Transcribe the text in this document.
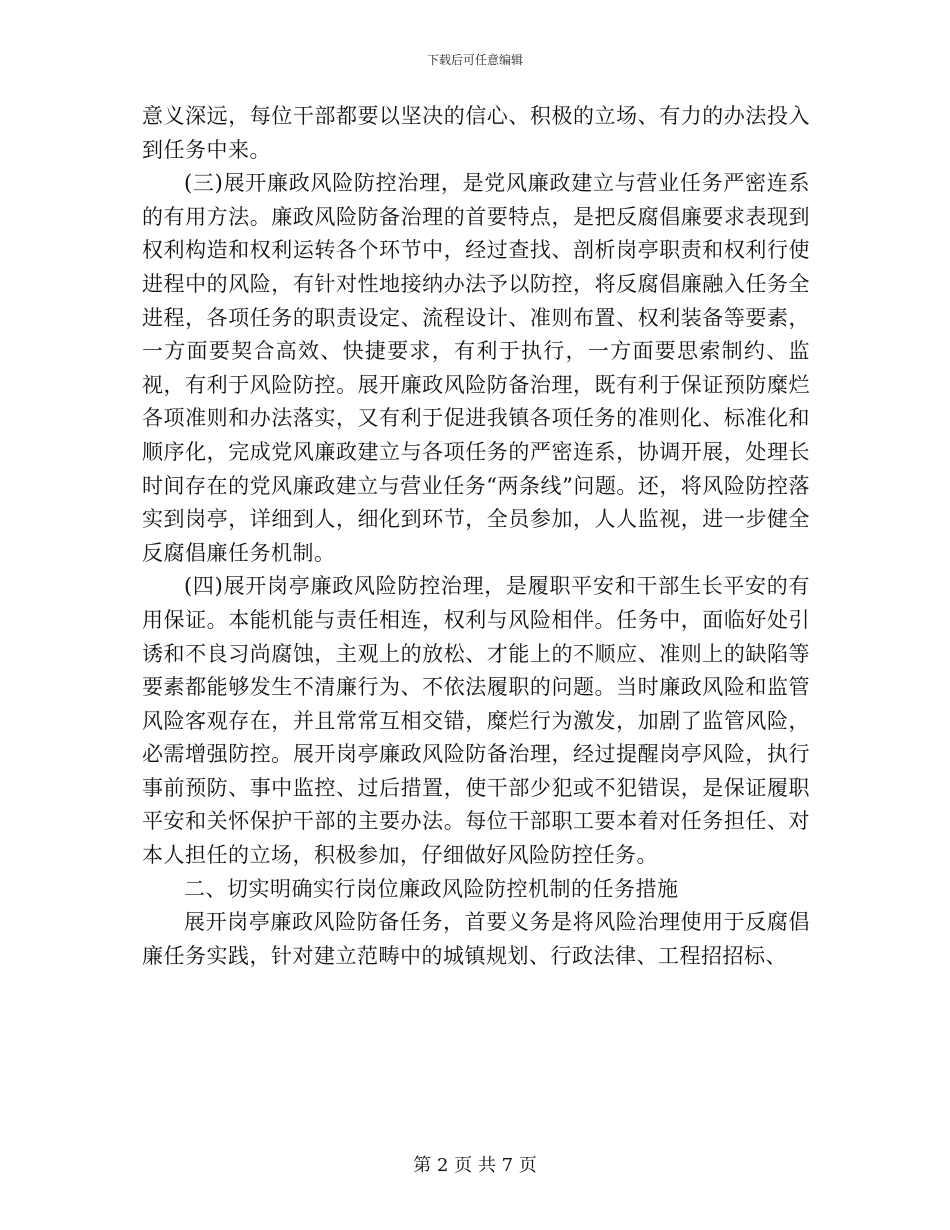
下载后可任意编辑

意义深远，每位干部都要以坚决的信心、积极的立场、有力的办法投入到任务中来。

(三)展开廉政风险防控治理，是党风廉政建立与营业任务严密连系的有用方法。廉政风险防备治理的首要特点，是把反腐倡廉要求表现到权利构造和权利运转各个环节中，经过查找、剖析岗亭职责和权利行使进程中的风险，有针对性地接纳办法予以防控，将反腐倡廉融入任务全进程，各项任务的职责设定、流程设计、准则布置、权利装备等要素，一方面要契合高效、快捷要求，有利于执行，一方面要思索制约、监视，有利于风险防控。展开廉政风险防备治理，既有利于保证预防糜烂各项准则和办法落实，又有利于促进我镇各项任务的准则化、标准化和顺序化，完成党风廉政建立与各项任务的严密连系，协调开展，处理长时间存在的党风廉政建立与营业任务“两条线”问题。还，将风险防控落实到岗亭，详细到人，细化到环节，全员参加，人人监视，进一步健全反腐倡廉任务机制。

(四)展开岗亭廉政风险防控治理，是履职平安和干部生长平安的有用保证。本能机能与责任相连，权利与风险相伴。任务中，面临好处引诱和不良习尚腐蚀，主观上的放松、才能上的不顺应、准则上的缺陷等要素都能够发生不清廉行为、不依法履职的问题。当时廉政风险和监管风险客观存在，并且常常互相交错，糜烂行为激发，加剧了监管风险，必需增强防控。展开岗亭廉政风险防备治理，经过提醒岗亭风险，执行事前预防、事中监控、过后措置，使干部少犯或不犯错误，是保证履职平安和关怀保护干部的主要办法。每位干部职工要本着对任务担任、对本人担任的立场，积极参加，仔细做好风险防控任务。

二、切实明确实行岗位廉政风险防控机制的任务措施

展开岗亭廉政风险防备任务，首要义务是将风险治理使用于反腐倡廉任务实践，针对建立范畴中的城镇规划、行政法律、工程招招标、

第 2 页 共 7 页
